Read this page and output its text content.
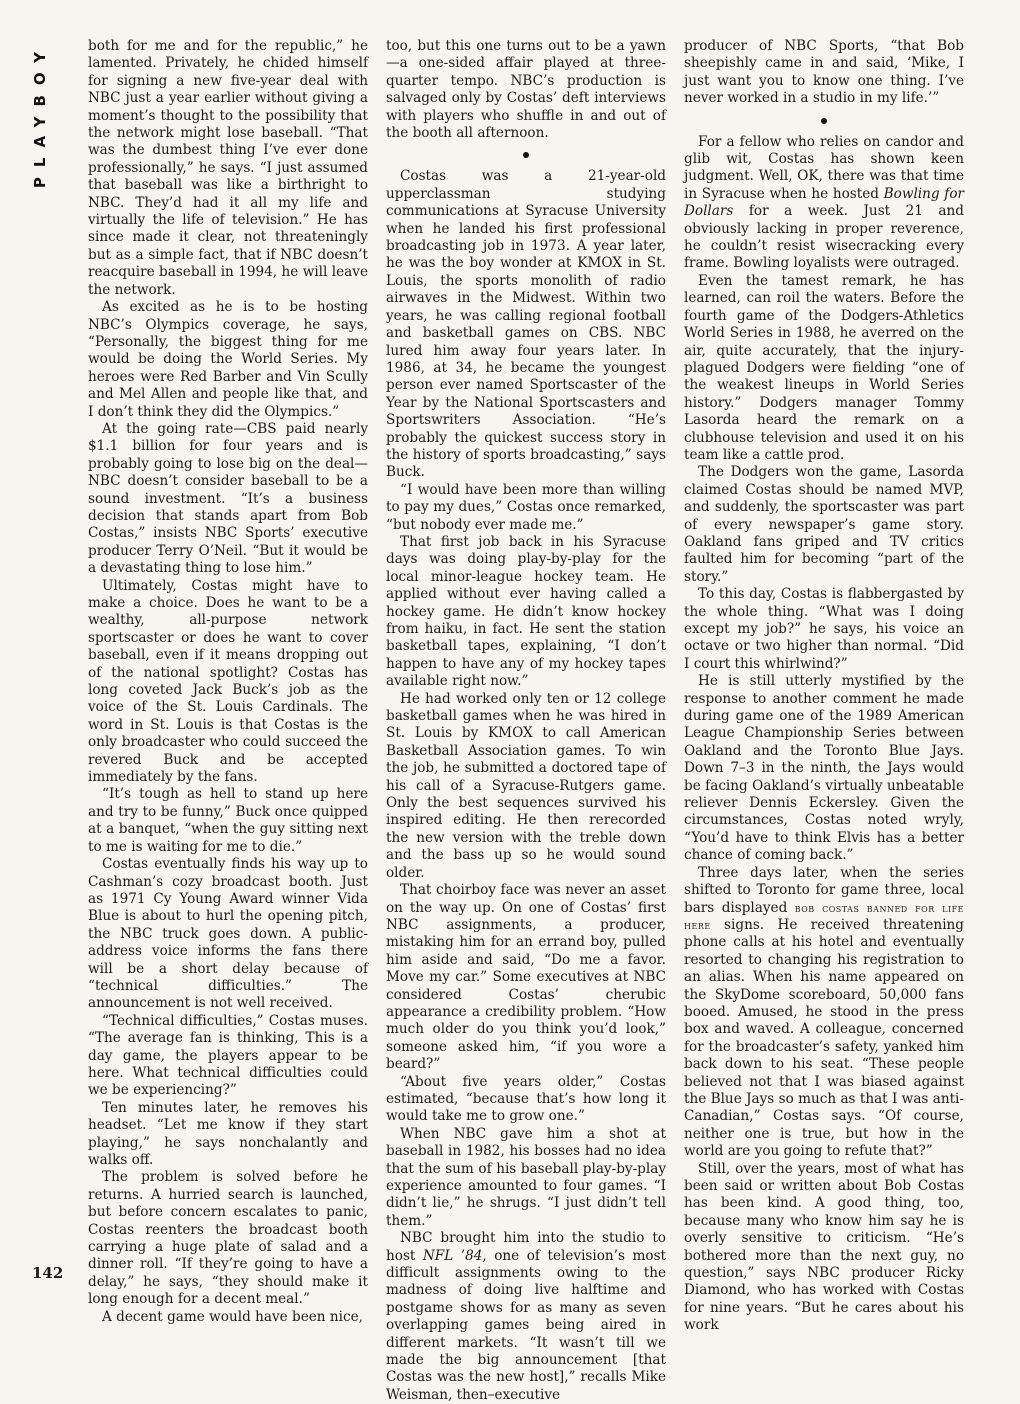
PLAYBOY
142

both for me and for the republic,” he lamented. Privately, he chided himself for signing a new five-year deal with NBC just a year earlier without giving a moment’s thought to the possibility that the network might lose baseball. “That was the dumbest thing I’ve ever done professionally,” he says. “I just assumed that baseball was like a birthright to NBC. They’d had it all my life and virtually the life of television.” He has since made it clear, not threateningly but as a simple fact, that if NBC doesn’t reacquire baseball in 1994, he will leave the network.

As excited as he is to be hosting NBC’s Olympics coverage, he says, “Personally, the biggest thing for me would be doing the World Series. My heroes were Red Barber and Vin Scully and Mel Allen and people like that, and I don’t think they did the Olympics.”

At the going rate—CBS paid nearly $1.1 billion for four years and is probably going to lose big on the deal—NBC doesn’t consider baseball to be a sound investment. “It’s a business decision that stands apart from Bob Costas,” insists NBC Sports’ executive producer Terry O’Neil. “But it would be a devastating thing to lose him.”

Ultimately, Costas might have to make a choice. Does he want to be a wealthy, all-purpose network sportscaster or does he want to cover baseball, even if it means dropping out of the national spotlight? Costas has long coveted Jack Buck’s job as the voice of the St. Louis Cardinals. The word in St. Louis is that Costas is the only broadcaster who could succeed the revered Buck and be accepted immediately by the fans.

“It’s tough as hell to stand up here and try to be funny,” Buck once quipped at a banquet, “when the guy sitting next to me is waiting for me to die.”

Costas eventually finds his way up to Cashman’s cozy broadcast booth. Just as 1971 Cy Young Award winner Vida Blue is about to hurl the opening pitch, the NBC truck goes down. A public-address voice informs the fans there will be a short delay because of “technical difficulties.” The announcement is not well received.

“Technical difficulties,” Costas muses. “The average fan is thinking, This is a day game, the players appear to be here. What technical difficulties could we be experiencing?”

Ten minutes later, he removes his headset. “Let me know if they start playing,” he says nonchalantly and walks off.

The problem is solved before he returns. A hurried search is launched, but before concern escalates to panic, Costas reenters the broadcast booth carrying a huge plate of salad and a dinner roll. “If they’re going to have a delay,” he says, “they should make it long enough for a decent meal.”

A decent game would have been nice,

too, but this one turns out to be a yawn—a one-sided affair played at three-quarter tempo. NBC’s production is salvaged only by Costas’ deft interviews with players who shuffle in and out of the booth all afternoon.

Costas was a 21-year-old upperclassman studying communications at Syracuse University when he landed his first professional broadcasting job in 1973. A year later, he was the boy wonder at KMOX in St. Louis, the sports monolith of radio airwaves in the Midwest. Within two years, he was calling regional football and basketball games on CBS. NBC lured him away four years later. In 1986, at 34, he became the youngest person ever named Sportscaster of the Year by the National Sportscasters and Sportswriters Association. “He’s probably the quickest success story in the history of sports broadcasting,” says Buck.

“I would have been more than willing to pay my dues,” Costas once remarked, “but nobody ever made me.”

That first job back in his Syracuse days was doing play-by-play for the local minor-league hockey team. He applied without ever having called a hockey game. He didn’t know hockey from haiku, in fact. He sent the station basketball tapes, explaining, “I don’t happen to have any of my hockey tapes available right now.”

He had worked only ten or 12 college basketball games when he was hired in St. Louis by KMOX to call American Basketball Association games. To win the job, he submitted a doctored tape of his call of a Syracuse-Rutgers game. Only the best sequences survived his inspired editing. He then rerecorded the new version with the treble down and the bass up so he would sound older.

That choirboy face was never an asset on the way up. On one of Costas’ first NBC assignments, a producer, mistaking him for an errand boy, pulled him aside and said, “Do me a favor. Move my car.” Some executives at NBC considered Costas’ cherubic appearance a credibility problem. “How much older do you think you’d look,” someone asked him, “if you wore a beard?”

“About five years older,” Costas estimated, “because that’s how long it would take me to grow one.”

When NBC gave him a shot at baseball in 1982, his bosses had no idea that the sum of his baseball play-by-play experience amounted to four games. “I didn’t lie,” he shrugs. “I just didn’t tell them.”

NBC brought him into the studio to host NFL ’84, one of television’s most difficult assignments owing to the madness of doing live halftime and postgame shows for as many as seven overlapping games being aired in different markets. “It wasn’t till we made the big announcement [that Costas was the new host],” recalls Mike Weisman, then–executive

producer of NBC Sports, “that Bob sheepishly came in and said, ‘Mike, I just want you to know one thing. I’ve never worked in a studio in my life.’”

For a fellow who relies on candor and glib wit, Costas has shown keen judgment. Well, OK, there was that time in Syracuse when he hosted Bowling for Dollars for a week. Just 21 and obviously lacking in proper reverence, he couldn’t resist wisecracking every frame. Bowling loyalists were outraged.

Even the tamest remark, he has learned, can roil the waters. Before the fourth game of the Dodgers-Athletics World Series in 1988, he averred on the air, quite accurately, that the injury-plagued Dodgers were fielding “one of the weakest lineups in World Series history.” Dodgers manager Tommy Lasorda heard the remark on a clubhouse television and used it on his team like a cattle prod.

The Dodgers won the game, Lasorda claimed Costas should be named MVP, and suddenly, the sportscaster was part of every newspaper’s game story. Oakland fans griped and TV critics faulted him for becoming “part of the story.”

To this day, Costas is flabbergasted by the whole thing. “What was I doing except my job?” he says, his voice an octave or two higher than normal. “Did I court this whirlwind?”

He is still utterly mystified by the response to another comment he made during game one of the 1989 American League Championship Series between Oakland and the Toronto Blue Jays. Down 7–3 in the ninth, the Jays would be facing Oakland’s virtually unbeatable reliever Dennis Eckersley. Given the circumstances, Costas noted wryly, “You’d have to think Elvis has a better chance of coming back.”

Three days later, when the series shifted to Toronto for game three, local bars displayed bob costas banned for life here signs. He received threatening phone calls at his hotel and eventually resorted to changing his registration to an alias. When his name appeared on the SkyDome scoreboard, 50,000 fans booed. Amused, he stood in the press box and waved. A colleague, concerned for the broadcaster’s safety, yanked him back down to his seat. “These people believed not that I was biased against the Blue Jays so much as that I was anti-Canadian,” Costas says. “Of course, neither one is true, but how in the world are you going to refute that?”

Still, over the years, most of what has been said or written about Bob Costas has been kind. A good thing, too, because many who know him say he is overly sensitive to criticism. “He’s bothered more than the next guy, no question,” says NBC producer Ricky Diamond, who has worked with Costas for nine years. “But he cares about his work
